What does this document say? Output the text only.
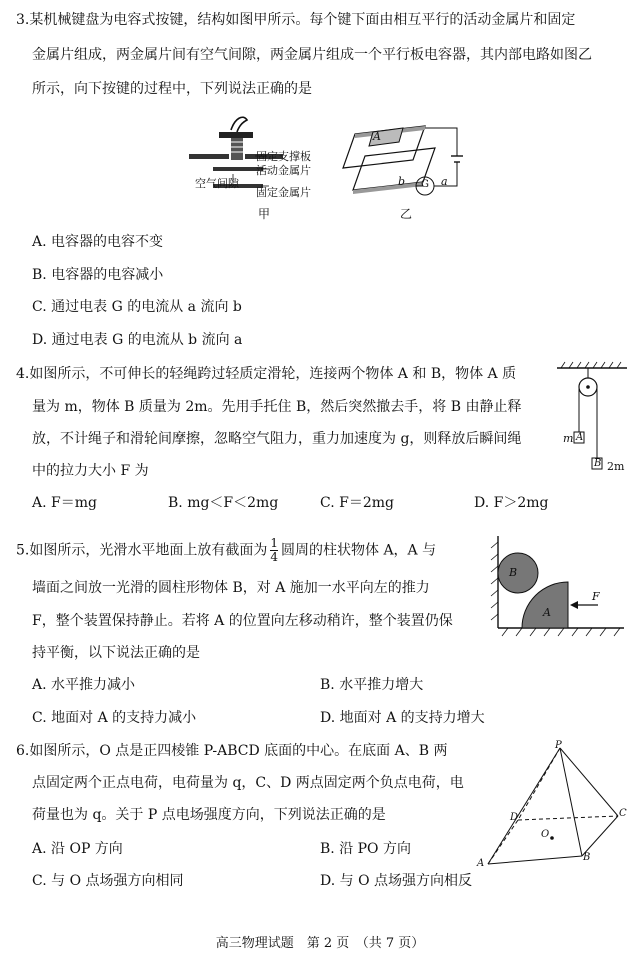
3.某机械键盘为电容式按键，结构如图甲所示。每个键下面由相互平行的活动金属片和固定
金属片组成，两金属片间有空气间隙，两金属片组成一个平行板电容器，其内部电路如图乙
所示，向下按键的过程中，下列说法正确的是
固定支撑板
活动金属片
空气间隙
固定金属片
甲
A
b G a
乙
A. 电容器的电容不变
B. 电容器的电容减小
C. 通过电表 G 的电流从 a 流向 b
D. 通过电表 G 的电流从 b 流向 a
4.如图所示，不可伸长的轻绳跨过轻质定滑轮，连接两个物体 A 和 B，物体 A 质
量为 m，物体 B 质量为 2m。先用手托住 B，然后突然撤去手，将 B 由静止释
放，不计绳子和滑轮间摩擦，忽略空气阻力，重力加速度为 g，则释放后瞬间绳
中的拉力大小 F 为
m A
B 2m
A. F＝mg	B. mg＜F＜2mg	C. F＝2mg	D. F＞2mg
5.如图所示，光滑水平地面上放有截面为 $\frac{1}{4}$ 圆周的柱状物体 A，A 与
墙面之间放一光滑的圆柱形物体 B，对 A 施加一水平向左的推力
F，整个装置保持静止。若将 A 的位置向左移动稍许，整个装置仍保
持平衡，以下说法正确的是
B
A
F
A. 水平推力减小	B. 水平推力增大
C. 地面对 A 的支持力减小	D. 地面对 A 的支持力增大
6.如图所示，O 点是正四棱锥 P-ABCD 底面的中心。在底面 A、B 两
点固定两个正点电荷，电荷量为 q，C、D 两点固定两个负点电荷，电
荷量也为 q。关于 P 点电场强度方向，下列说法正确的是
P
D	C
O
A
B
A. 沿 OP 方向	B. 沿 PO 方向
C. 与 O 点场强方向相同	D. 与 O 点场强方向相反
高三物理试题　第 2 页　（共 7 页）
